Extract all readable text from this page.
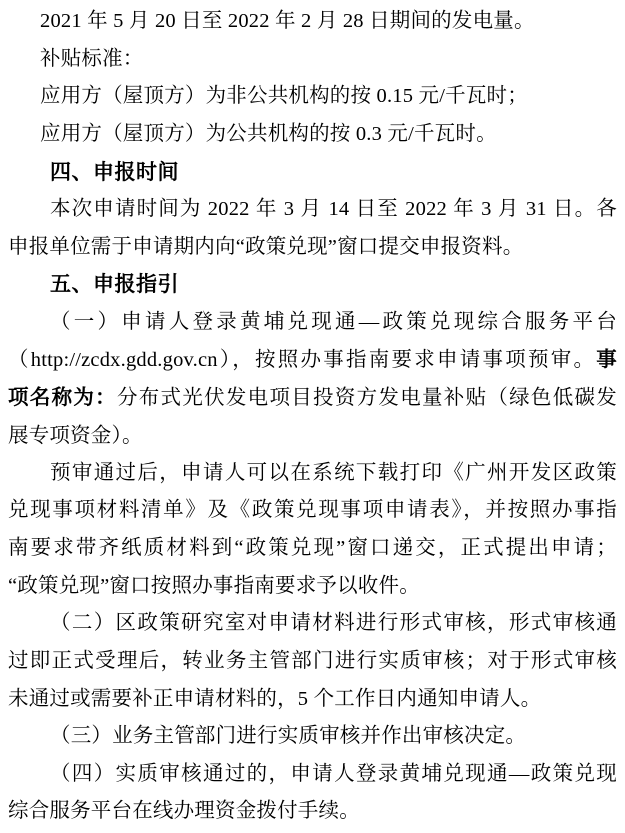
2021 年 5 月 20 日至 2022 年 2 月 28 日期间的发电量。
补贴标准：
应用方（屋顶方）为非公共机构的按 0.15 元/千瓦时；
应用方（屋顶方）为公共机构的按 0.3 元/千瓦时。
四、申报时间
本次申请时间为 2022 年 3 月 14 日至 2022 年 3 月 31 日。各
申报单位需于申请期内向“政策兑现”窗口提交申报资料。
五、申报指引
（一）申请人登录黄埔兑现通—政策兑现综合服务平台
（http://zcdx.gdd.gov.cn），按照办事指南要求申请事项预审。事
项名称为：分布式光伏发电项目投资方发电量补贴（绿色低碳发
展专项资金）。
预审通过后，申请人可以在系统下载打印《广州开发区政策
兑现事项材料清单》及《政策兑现事项申请表》，并按照办事指
南要求带齐纸质材料到“政策兑现”窗口递交，正式提出申请；
“政策兑现”窗口按照办事指南要求予以收件。
（二）区政策研究室对申请材料进行形式审核，形式审核通
过即正式受理后，转业务主管部门进行实质审核；对于形式审核
未通过或需要补正申请材料的，5 个工作日内通知申请人。
（三）业务主管部门进行实质审核并作出审核决定。
（四）实质审核通过的，申请人登录黄埔兑现通—政策兑现
综合服务平台在线办理资金拨付手续。
